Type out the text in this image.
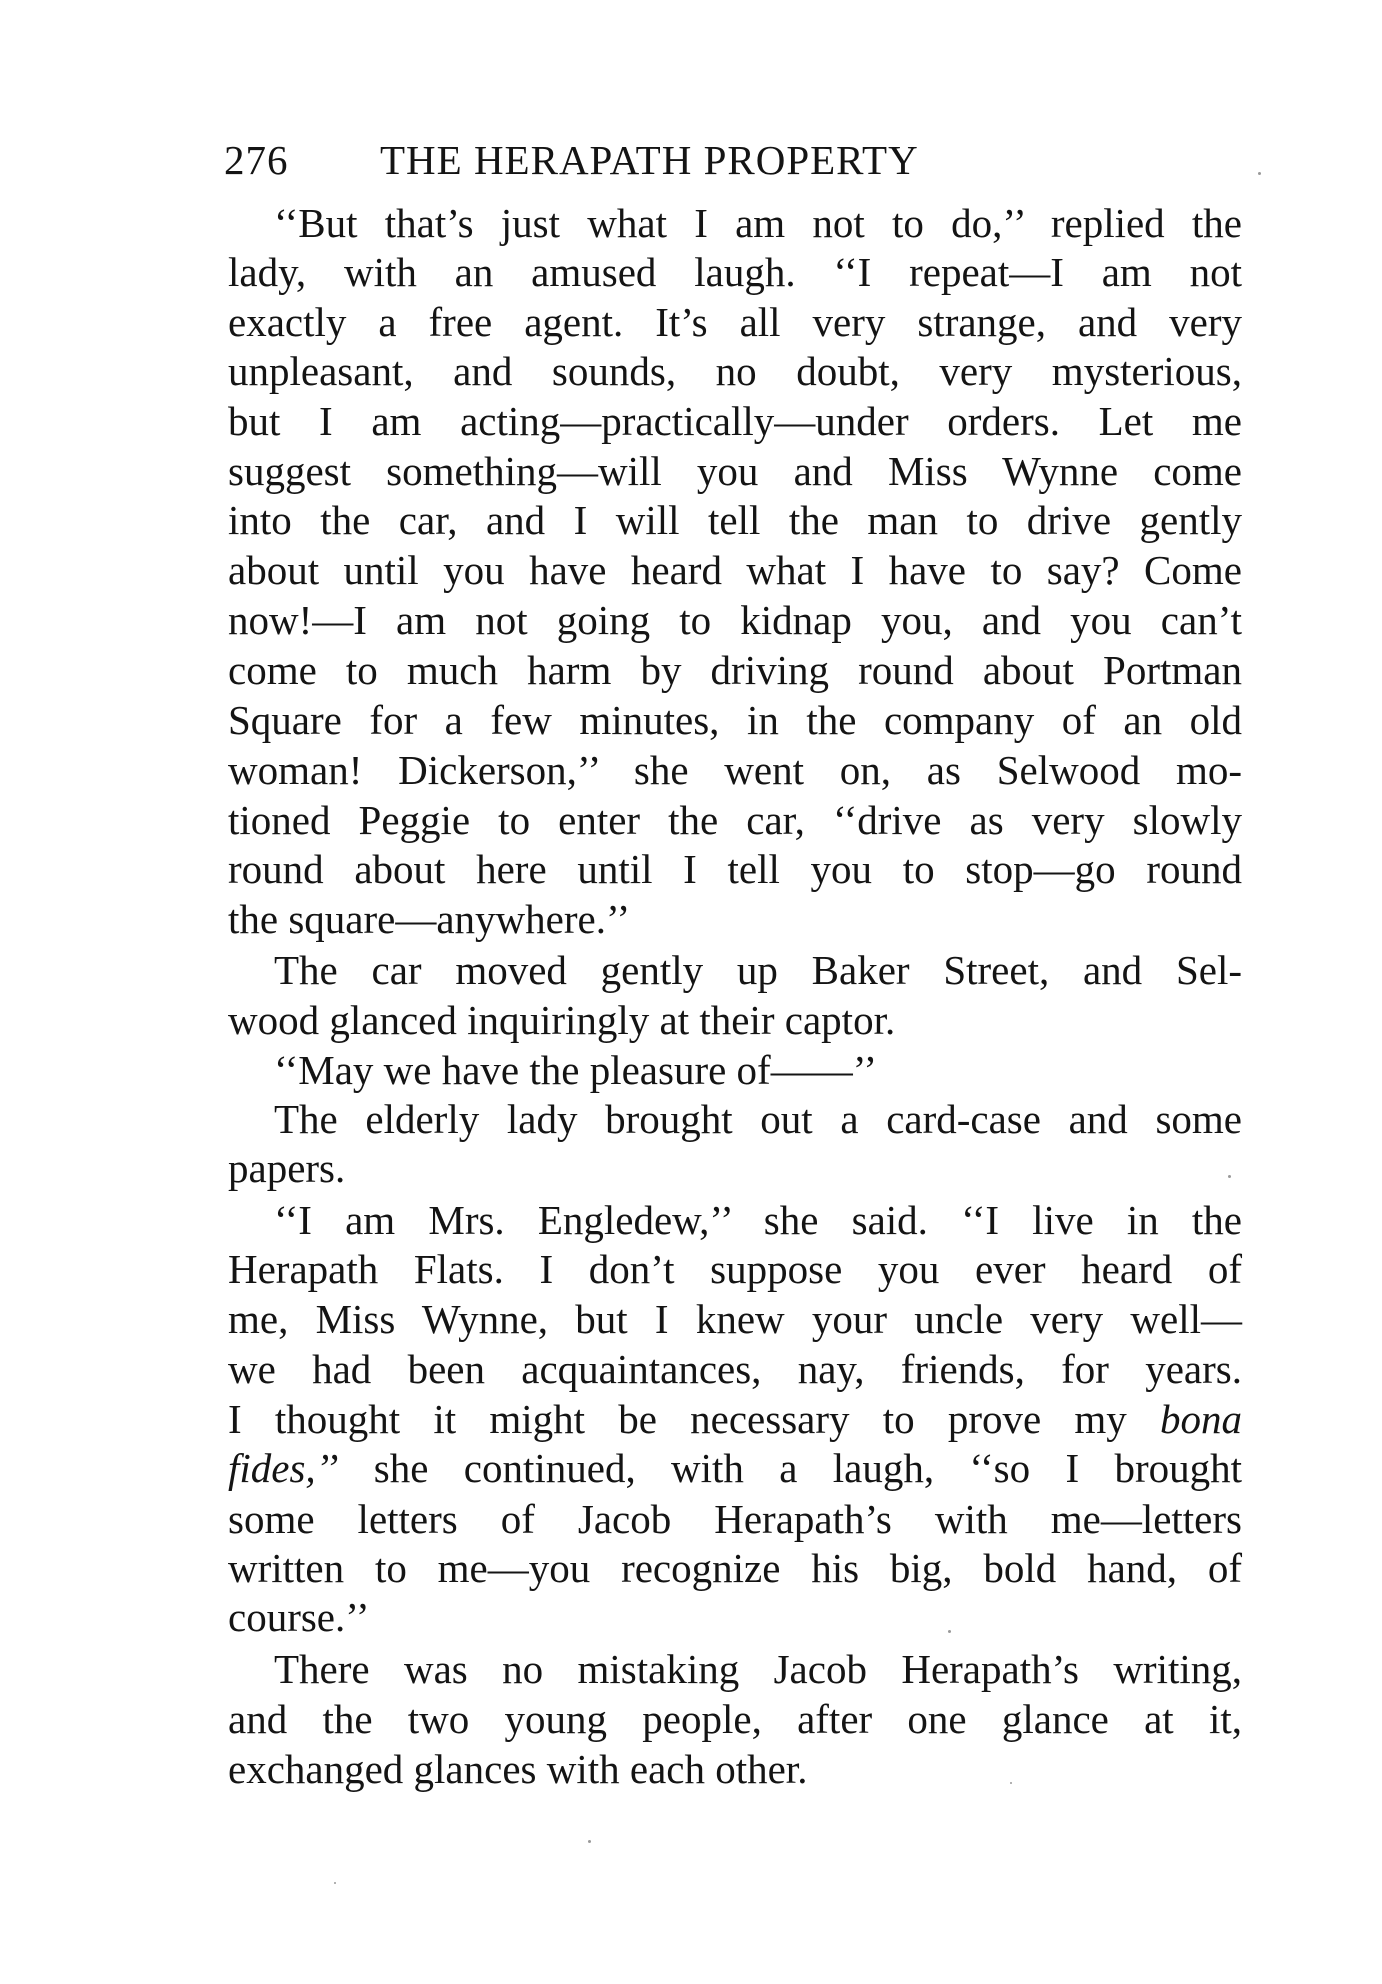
276 THE HERAPATH PROPERTY
‘‘But that’s just what I am not to do,’’ replied the
lady, with an amused laugh. ‘‘I repeat—I am not
exactly a free agent. It’s all very strange, and very
unpleasant, and sounds, no doubt, very mysterious,
but I am acting—practically—under orders. Let me
suggest something—will you and Miss Wynne come
into the car, and I will tell the man to drive gently
about until you have heard what I have to say? Come
now!—I am not going to kidnap you, and you can’t
come to much harm by driving round about Portman
Square for a few minutes, in the company of an old
woman! Dickerson,’’ she went on, as Selwood mo-
tioned Peggie to enter the car, ‘‘drive as very slowly
round about here until I tell you to stop—go round
the square—anywhere.’’
The car moved gently up Baker Street, and Sel-
wood glanced inquiringly at their captor.
‘‘May we have the pleasure of——’’
The elderly lady brought out a card-case and some
papers.
‘‘I am Mrs. Engledew,’’ she said. ‘‘I live in the
Herapath Flats. I don’t suppose you ever heard of
me, Miss Wynne, but I knew your uncle very well—
we had been acquaintances, nay, friends, for years.
I thought it might be necessary to prove my bona
fides,’’ she continued, with a laugh, ‘‘so I brought
some letters of Jacob Herapath’s with me—letters
written to me—you recognize his big, bold hand, of
course.’’
There was no mistaking Jacob Herapath’s writing,
and the two young people, after one glance at it,
exchanged glances with each other.
